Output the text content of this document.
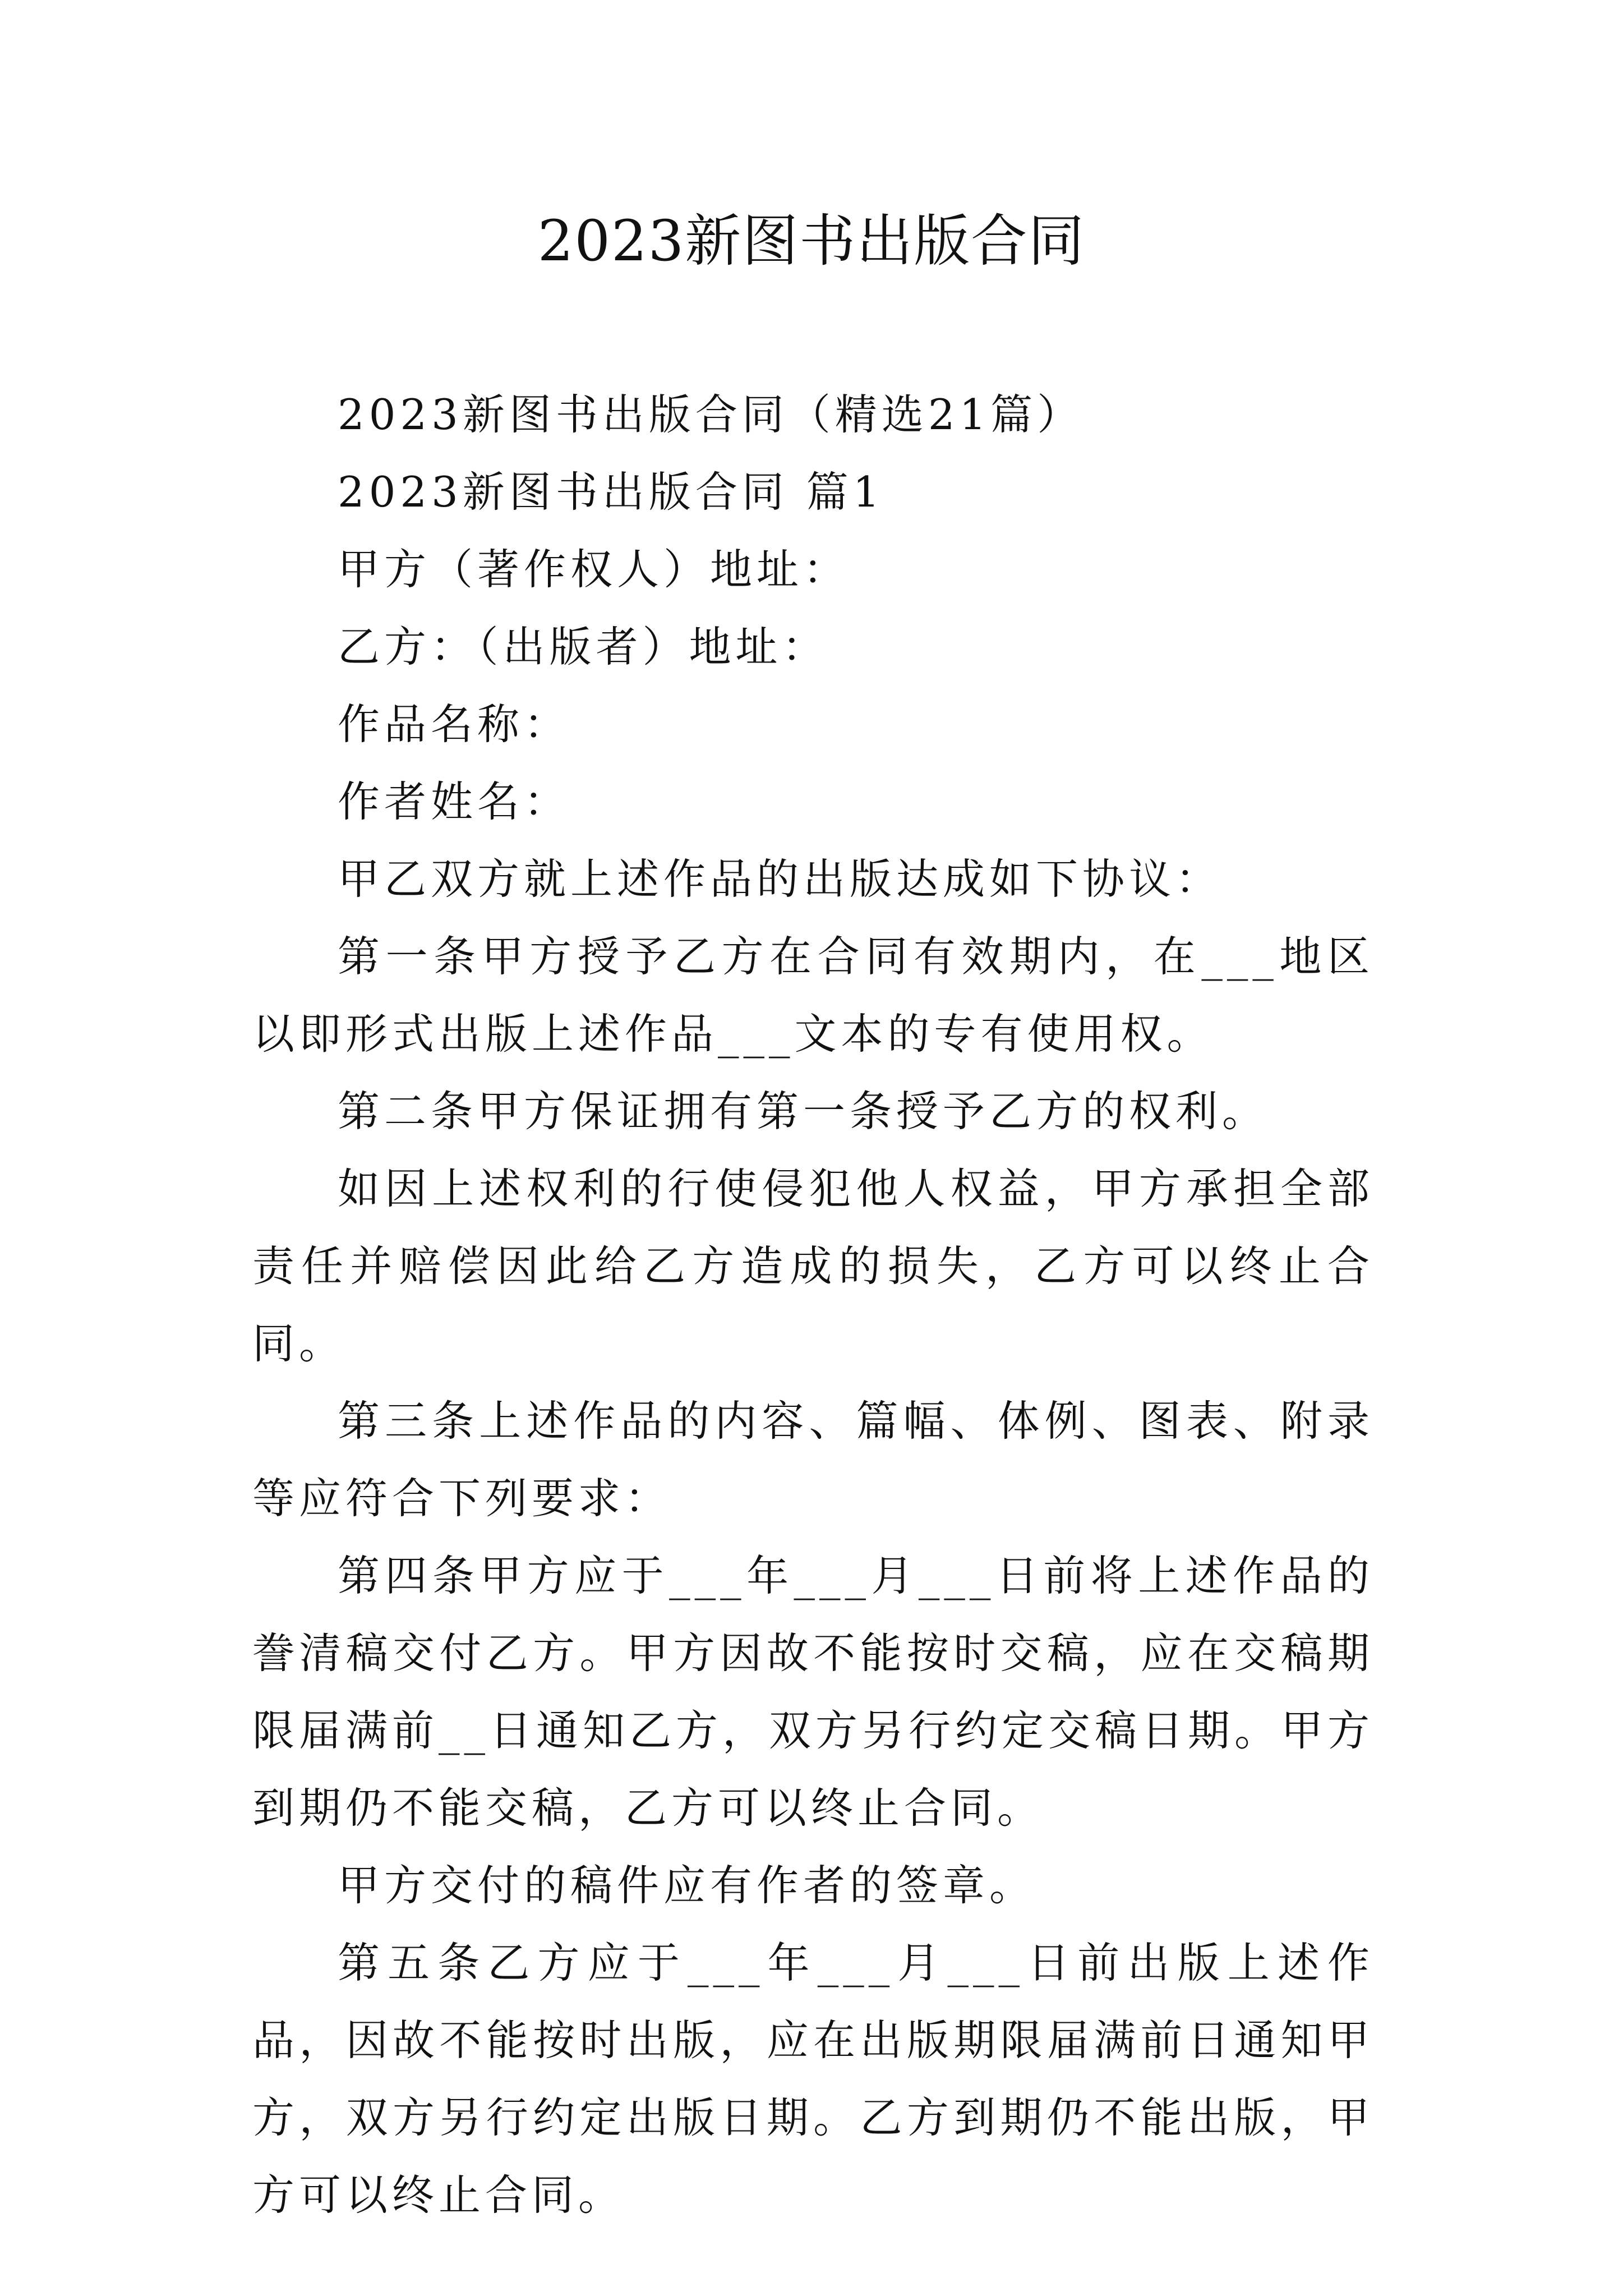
2023新图书出版合同

2023新图书出版合同（精选21篇）

2023新图书出版合同 篇1

甲方（著作权人）地址：

乙方：（出版者）地址：

作品名称：

作者姓名：

甲乙双方就上述作品的出版达成如下协议：

第一条甲方授予乙方在合同有效期内，在___地区以即形式出版上述作品___文本的专有使用权。

第二条甲方保证拥有第一条授予乙方的权利。

如因上述权利的行使侵犯他人权益，甲方承担全部责任并赔偿因此给乙方造成的损失，乙方可以终止合同。

第三条上述作品的内容、篇幅、体例、图表、附录等应符合下列要求：

第四条甲方应于___年___月___日前将上述作品的誊清稿交付乙方。甲方因故不能按时交稿，应在交稿期限届满前__日通知乙方，双方另行约定交稿日期。甲方到期仍不能交稿，乙方可以终止合同。

甲方交付的稿件应有作者的签章。

第五条乙方应于___年___月___日前出版上述作品，因故不能按时出版，应在出版期限届满前日通知甲方，双方另行约定出版日期。乙方到期仍不能出版，甲方可以终止合同。
